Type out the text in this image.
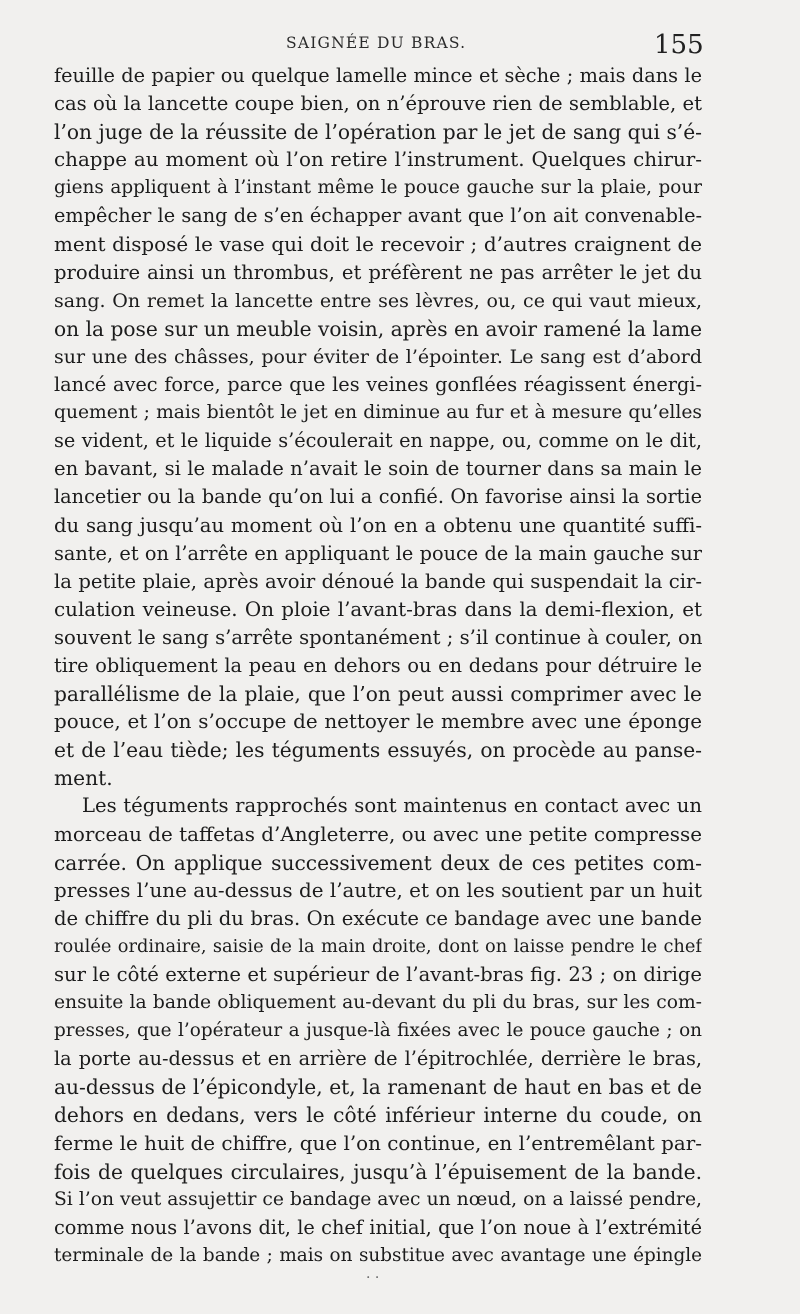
SAIGNÉE DU BRAS.	155
feuille de papier ou quelque lamelle mince et sèche ; mais dans le
cas où la lancette coupe bien, on n’éprouve rien de semblable, et
l’on juge de la réussite de l’opération par le jet de sang qui s’é-
chappe au moment où l’on retire l’instrument. Quelques chirur-
giens appliquent à l’instant même le pouce gauche sur la plaie, pour
empêcher le sang de s’en échapper avant que l’on ait convenable-
ment disposé le vase qui doit le recevoir ; d’autres craignent de
produire ainsi un thrombus, et préfèrent ne pas arrêter le jet du
sang. On remet la lancette entre ses lèvres, ou, ce qui vaut mieux,
on la pose sur un meuble voisin, après en avoir ramené la lame
sur une des châsses, pour éviter de l’épointer. Le sang est d’abord
lancé avec force, parce que les veines gonflées réagissent énergi-
quement ; mais bientôt le jet en diminue au fur et à mesure qu’elles
se vident, et le liquide s’écoulerait en nappe, ou, comme on le dit,
en bavant, si le malade n’avait le soin de tourner dans sa main le
lancetier ou la bande qu’on lui a confié. On favorise ainsi la sortie
du sang jusqu’au moment où l’on en a obtenu une quantité suffi-
sante, et on l’arrête en appliquant le pouce de la main gauche sur
la petite plaie, après avoir dénoué la bande qui suspendait la cir-
culation veineuse. On ploie l’avant-bras dans la demi-flexion, et
souvent le sang s’arrête spontanément ; s’il continue à couler, on
tire obliquement la peau en dehors ou en dedans pour détruire le
parallélisme de la plaie, que l’on peut aussi comprimer avec le
pouce, et l’on s’occupe de nettoyer le membre avec une éponge
et de l’eau tiède; les téguments essuyés, on procède au panse-
ment.
Les téguments rapprochés sont maintenus en contact avec un
morceau de taffetas d’Angleterre, ou avec une petite compresse
carrée. On applique successivement deux de ces petites com-
presses l’une au-dessus de l’autre, et on les soutient par un huit
de chiffre du pli du bras. On exécute ce bandage avec une bande
roulée ordinaire, saisie de la main droite, dont on laisse pendre le chef
sur le côté externe et supérieur de l’avant-bras fig. 23 ; on dirige
ensuite la bande obliquement au-devant du pli du bras, sur les com-
presses, que l’opérateur a jusque-là fixées avec le pouce gauche ; on
la porte au-dessus et en arrière de l’épitrochlée, derrière le bras,
au-dessus de l’épicondyle, et, la ramenant de haut en bas et de
dehors en dedans, vers le côté inférieur interne du coude, on
ferme le huit de chiffre, que l’on continue, en l’entremêlant par-
fois de quelques circulaires, jusqu’à l’épuisement de la bande.
Si l’on veut assujettir ce bandage avec un nœud, on a laissé pendre,
comme nous l’avons dit, le chef initial, que l’on noue à l’extrémité
terminale de la bande ; mais on substitue avec avantage une épingle
· ·
